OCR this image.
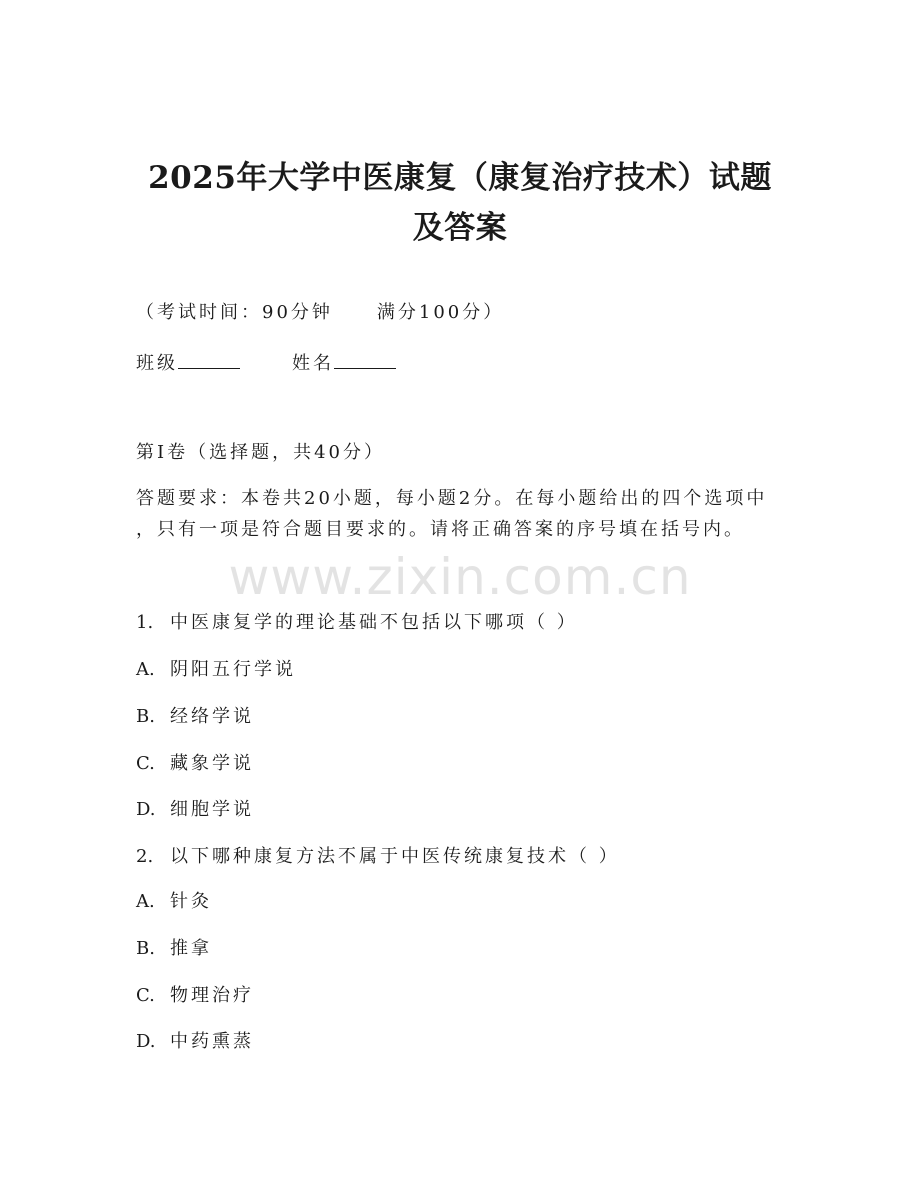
2025年大学中医康复（康复治疗技术）试题
及答案
（考试时间：90分钟 满分100分）
班级	姓名
第I卷（选择题，共40分）
答题要求：本卷共20小题，每小题2分。在每小题给出的四个选项中
，只有一项是符合题目要求的。请将正确答案的序号填在括号内。
www.zixin.com.cn
1. 中医康复学的理论基础不包括以下哪项（ ）
A. 阴阳五行学说
B. 经络学说
C. 藏象学说
D. 细胞学说
2. 以下哪种康复方法不属于中医传统康复技术（ ）
A. 针灸
B. 推拿
C. 物理治疗
D. 中药熏蒸
